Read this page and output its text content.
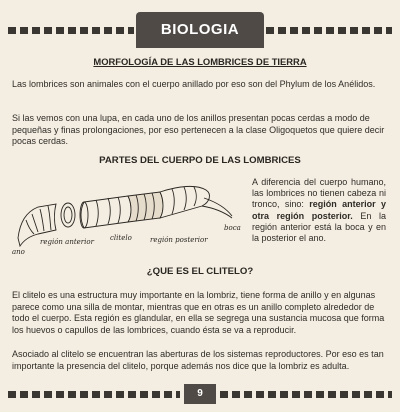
BIOLOGIA
MORFOLOGÍA DE LAS LOMBRICES DE TIERRA

Las lombrices son animales con el cuerpo anillado por eso son del Phylum de los Anélidos.

Si las vemos con una lupa, en cada uno de los anillos presentan pocas cerdas a modo de pequeñas y finas prolongaciones, por eso pertenecen a la clase Oligoquetos que quiere decir pocas cerdas.

PARTES DEL CUERPO DE LAS LOMBRICES
ano
región anterior clitelo	región posterior
boca
A diferencia del cuerpo humano, las lombrices no tienen cabeza ni tronco, sino: región anterior y otra región posterior. En la región anterior está la boca y en la posterior el ano.
¿QUE ES EL CLITELO?

El clitelo es una estructura muy importante en la lombriz, tiene forma de anillo y en algunas parece como una silla de montar, mientras que en otras es un anillo completo alrededor de todo el cuerpo. Esta región es glandular, en ella se segrega una sustancia mucosa que forma los huevos o capullos de las lombrices, cuando ésta se va a reproducir.

Asociado al clitelo se encuentran las aberturas de los sistemas reproductores. Por eso es tan importante la presencia del clitelo, porque además nos dice que la lombriz es adulta.

9
